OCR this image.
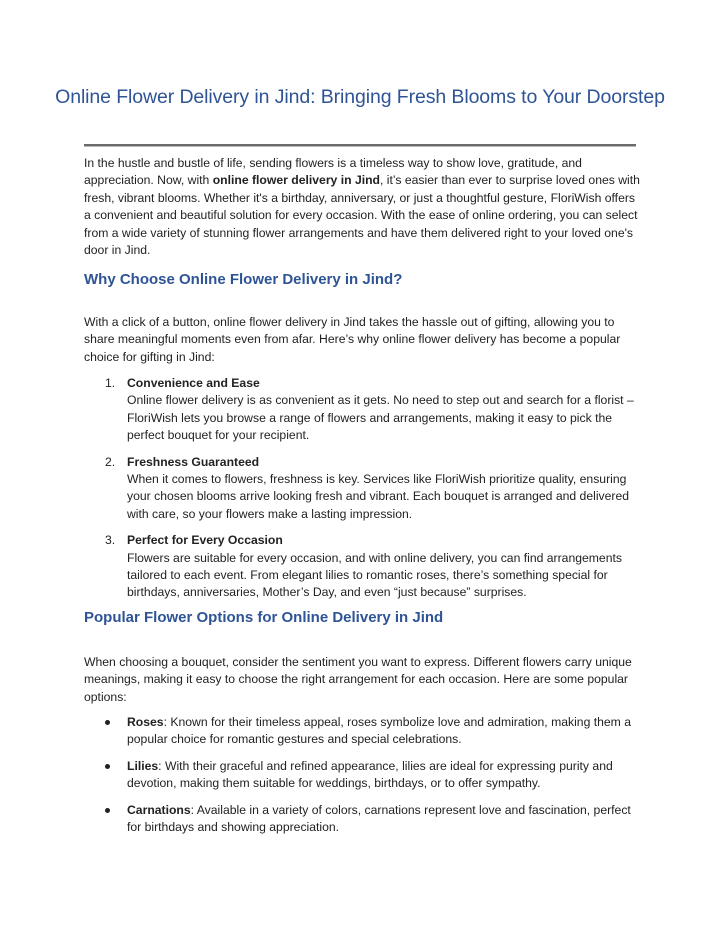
Online Flower Delivery in Jind: Bringing Fresh Blooms to Your Doorstep

In the hustle and bustle of life, sending flowers is a timeless way to show love, gratitude, and appreciation. Now, with online flower delivery in Jind, it’s easier than ever to surprise loved ones with fresh, vibrant blooms. Whether it's a birthday, anniversary, or just a thoughtful gesture, FloriWish offers a convenient and beautiful solution for every occasion. With the ease of online ordering, you can select from a wide variety of stunning flower arrangements and have them delivered right to your loved one's door in Jind.

Why Choose Online Flower Delivery in Jind?

With a click of a button, online flower delivery in Jind takes the hassle out of gifting, allowing you to share meaningful moments even from afar. Here’s why online flower delivery has become a popular choice for gifting in Jind:

1. Convenience and Ease
Online flower delivery is as convenient as it gets. No need to step out and search for a florist – FloriWish lets you browse a range of flowers and arrangements, making it easy to pick the perfect bouquet for your recipient.
2. Freshness Guaranteed
When it comes to flowers, freshness is key. Services like FloriWish prioritize quality, ensuring your chosen blooms arrive looking fresh and vibrant. Each bouquet is arranged and delivered with care, so your flowers make a lasting impression.
3. Perfect for Every Occasion
Flowers are suitable for every occasion, and with online delivery, you can find arrangements tailored to each event. From elegant lilies to romantic roses, there’s something special for birthdays, anniversaries, Mother’s Day, and even “just because” surprises.
Popular Flower Options for Online Delivery in Jind

When choosing a bouquet, consider the sentiment you want to express. Different flowers carry unique meanings, making it easy to choose the right arrangement for each occasion. Here are some popular options:

Roses: Known for their timeless appeal, roses symbolize love and admiration, making them a popular choice for romantic gestures and special celebrations.
Lilies: With their graceful and refined appearance, lilies are ideal for expressing purity and devotion, making them suitable for weddings, birthdays, or to offer sympathy.
Carnations: Available in a variety of colors, carnations represent love and fascination, perfect for birthdays and showing appreciation.
